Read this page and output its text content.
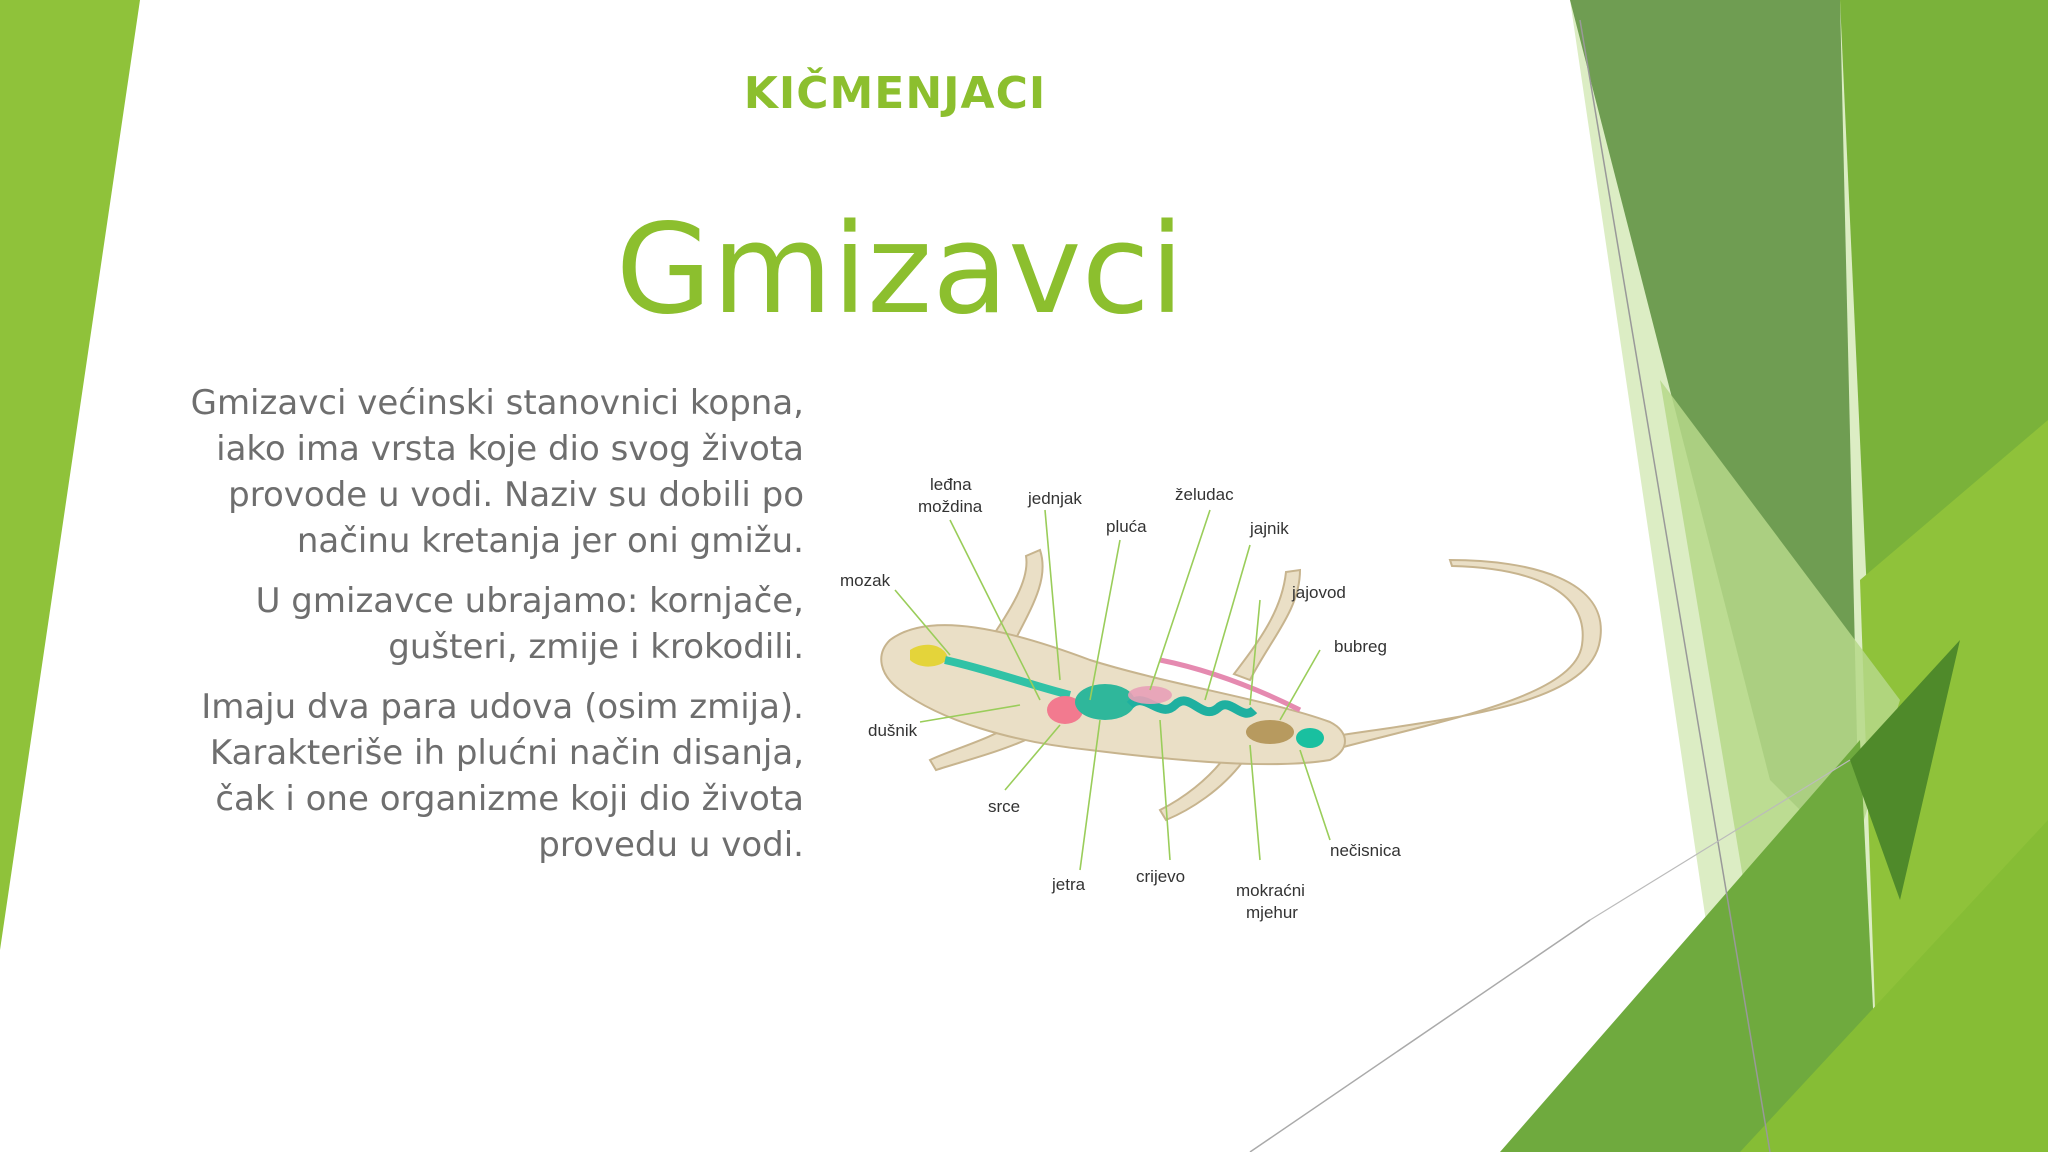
KIČMENJACI
Gmizavci

Gmizavci većinski stanovnici kopna, iako ima vrsta koje dio svog života provode u vodi. Naziv su dobili po načinu kretanja jer oni gmižu.

U gmizavce ubrajamo: kornjače, gušteri, zmije i krokodili.

Imaju dva para udova (osim zmija). Karakteriše ih plućni način disanja, čak i one organizme koji dio života provedu u vodi.

leđna
moždina	jednjak	želudac
pluća	jajnik
mozak
jajovod
bubreg
dušnik
srce
nečisnica
jetra	crijevo
mokraćni
mjehur
